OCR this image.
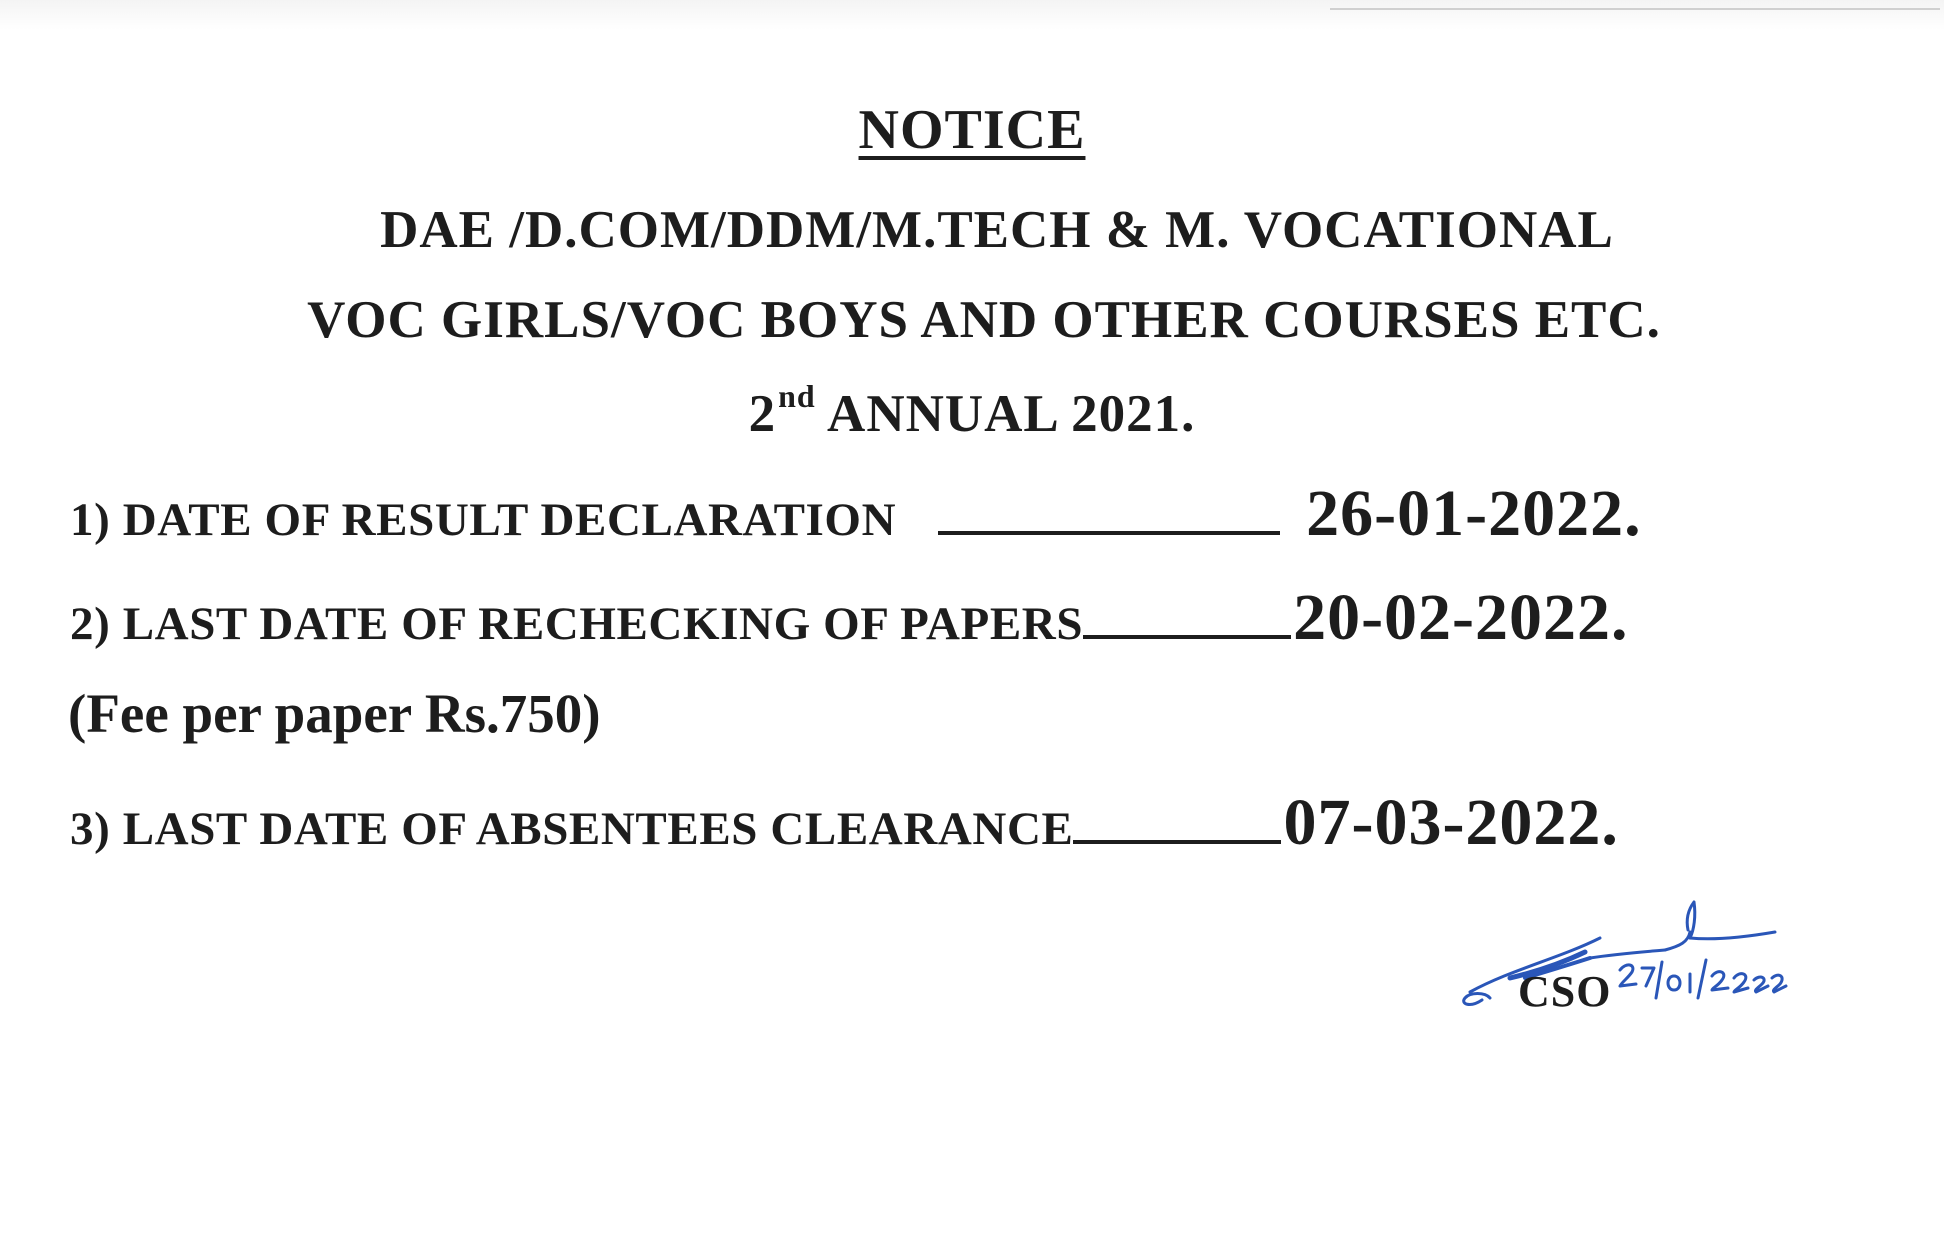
NOTICE
DAE /D.COM/DDM/M.TECH & M. VOCATIONAL
VOC GIRLS/VOC BOYS AND OTHER COURSES ETC.
2nd ANNUAL 2021.
1) DATE OF RESULT DECLARATION	26-01-2022.
2) LAST DATE OF RECHECKING OF PAPERS	20-02-2022.
(Fee per paper Rs.750)
3) LAST DATE OF ABSENTEES CLEARANCE	07-03-2022.
CSO
